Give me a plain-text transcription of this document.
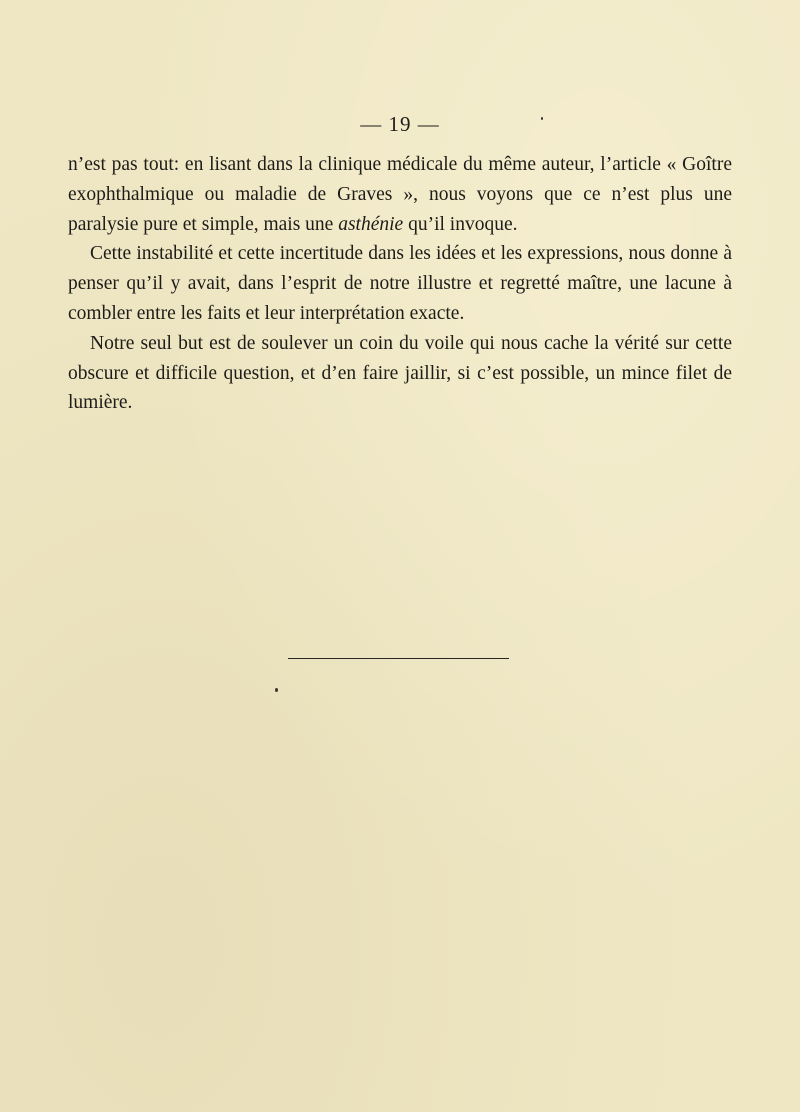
— 19 —

n’est pas tout: en lisant dans la clinique médicale du même auteur, l’article « Goître exophthalmique ou maladie de Graves », nous voyons que ce n’est plus une paralysie pure et simple, mais une asthénie qu’il invoque.

Cette instabilité et cette incertitude dans les idées et les expressions, nous donne à penser qu’il y avait, dans l’esprit de notre illustre et regretté maître, une lacune à combler entre les faits et leur interprétation exacte.

Notre seul but est de soulever un coin du voile qui nous cache la vérité sur cette obscure et difficile question, et d’en faire jaillir, si c’est possible, un mince filet de lumière.
